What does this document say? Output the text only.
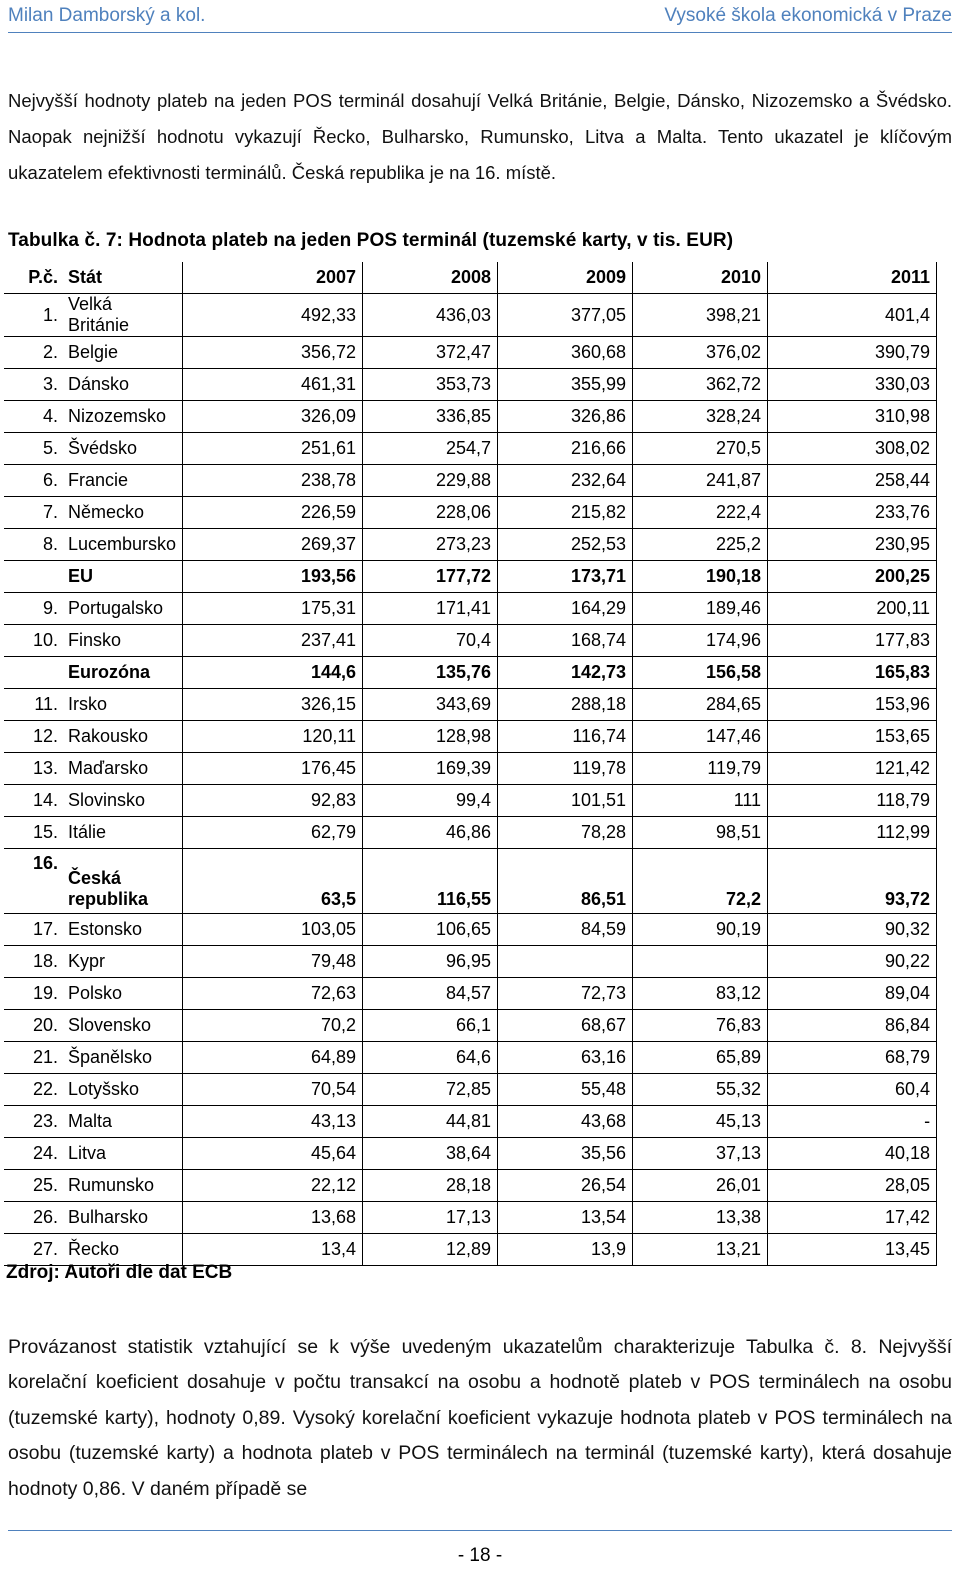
Milan Damborský a kol.	Vysoké škola ekonomická v Praze

Nejvyšší hodnoty plateb na jeden POS terminál dosahují Velká Británie, Belgie, Dánsko, Nizozemsko a Švédsko. Naopak nejnižší hodnotu vykazují Řecko, Bulharsko, Rumunsko, Litva a Malta. Tento ukazatel je klíčovým ukazatelem efektivnosti terminálů. Česká republika je na 16. místě.

Tabulka č. 7: Hodnota plateb na jeden POS terminál (tuzemské karty, v tis. EUR)
P.č.	Stát	2007	2008	2009	2010	2011
1.	Velká Británie	492,33	436,03	377,05	398,21	401,4
2.	Belgie	356,72	372,47	360,68	376,02	390,79
3.	Dánsko	461,31	353,73	355,99	362,72	330,03
4.	Nizozemsko	326,09	336,85	326,86	328,24	310,98
5.	Švédsko	251,61	254,7	216,66	270,5	308,02
6.	Francie	238,78	229,88	232,64	241,87	258,44
7.	Německo	226,59	228,06	215,82	222,4	233,76
8.	Lucembursko	269,37	273,23	252,53	225,2	230,95
	EU	193,56	177,72	173,71	190,18	200,25
9.	Portugalsko	175,31	171,41	164,29	189,46	200,11
10.	Finsko	237,41	70,4	168,74	174,96	177,83
	Eurozóna	144,6	135,76	142,73	156,58	165,83
11.	Irsko	326,15	343,69	288,18	284,65	153,96
12.	Rakousko	120,11	128,98	116,74	147,46	153,65
13.	Maďarsko	176,45	169,39	119,78	119,79	121,42
14.	Slovinsko	92,83	99,4	101,51	111	118,79
15.	Itálie	62,79	46,86	78,28	98,51	112,99
16.	Česká republika	63,5	116,55	86,51	72,2	93,72
17.	Estonsko	103,05	106,65	84,59	90,19	90,32
18.	Kypr	79,48	96,95			90,22
19.	Polsko	72,63	84,57	72,73	83,12	89,04
20.	Slovensko	70,2	66,1	68,67	76,83	86,84
21.	Španělsko	64,89	64,6	63,16	65,89	68,79
22.	Lotyšsko	70,54	72,85	55,48	55,32	60,4
23.	Malta	43,13	44,81	43,68	45,13	-
24.	Litva	45,64	38,64	35,56	37,13	40,18
25.	Rumunsko	22,12	28,18	26,54	26,01	28,05
26.	Bulharsko	13,68	17,13	13,54	13,38	17,42
27.	Řecko	13,4	12,89	13,9	13,21	13,45
Zdroj: Autoři dle dat ECB

Provázanost statistik vztahující se k výše uvedeným ukazatelům charakterizuje Tabulka č. 8. Nejvyšší korelační koeficient dosahuje v počtu transakcí na osobu a hodnotě plateb v POS terminálech na osobu (tuzemské karty), hodnoty 0,89. Vysoký korelační koeficient vykazuje hodnota plateb v POS terminálech na osobu (tuzemské karty) a hodnota plateb v POS terminálech na terminál (tuzemské karty), která dosahuje hodnoty 0,86. V daném případě se

- 18 -
